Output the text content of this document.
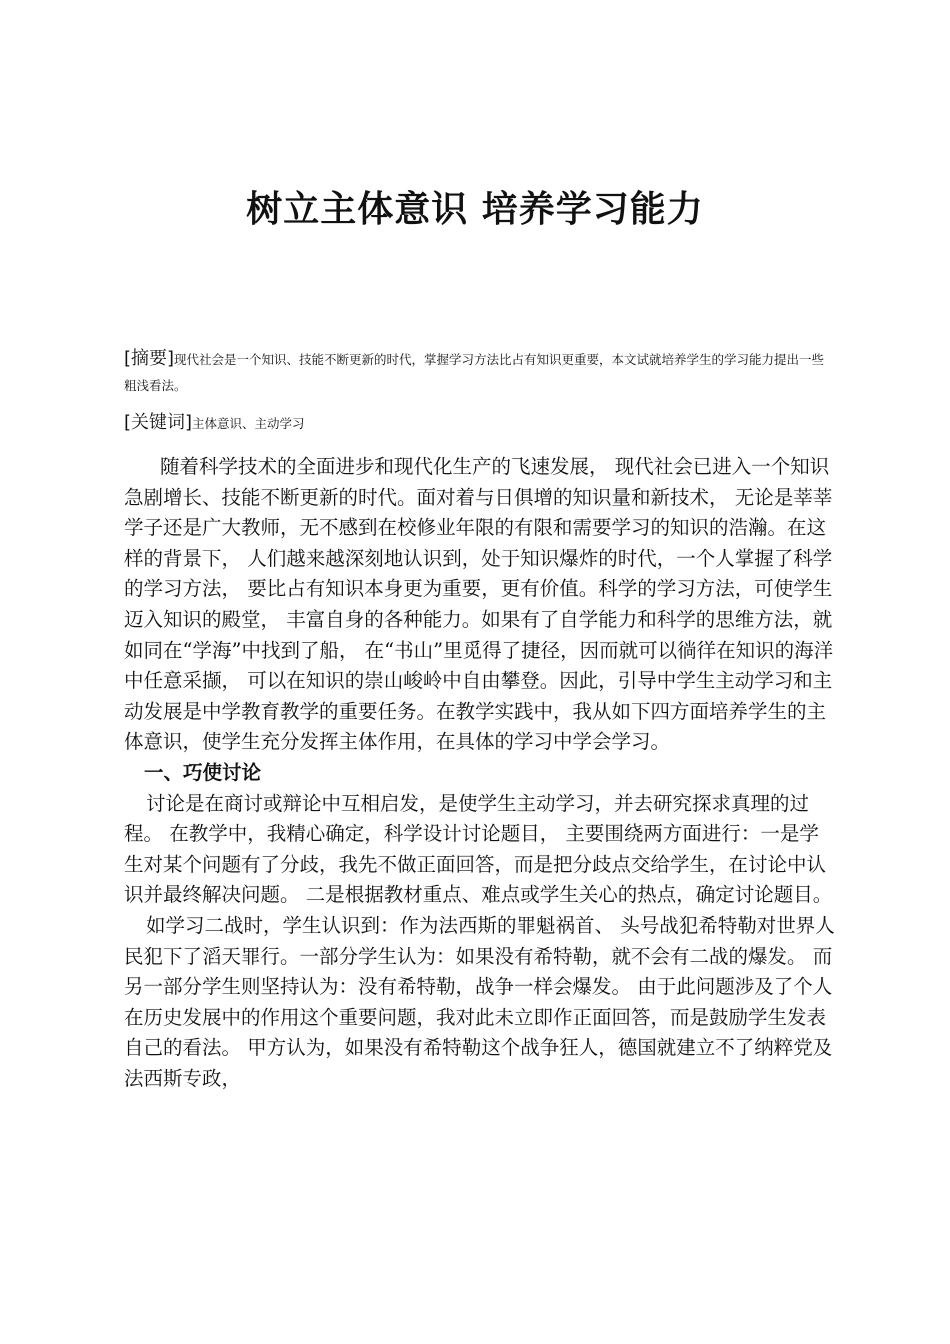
树立主体意识 培养学习能力
[摘要]现代社会是一个知识、技能不断更新的时代，掌握学习方法比占有知识更重要，本文试就培养学生的学习能力提出一些粗浅看法。
[关键词]主体意识、主动学习

随着科学技术的全面进步和现代化生产的飞速发展， 现代社会已进入一个知识急剧增长、技能不断更新的时代。面对着与日俱增的知识量和新技术， 无论是莘莘学子还是广大教师，无不感到在校修业年限的有限和需要学习的知识的浩瀚。在这样的背景下， 人们越来越深刻地认识到，处于知识爆炸的时代，一个人掌握了科学的学习方法， 要比占有知识本身更为重要，更有价值。科学的学习方法，可使学生迈入知识的殿堂， 丰富自身的各种能力。如果有了自学能力和科学的思维方法，就如同在“学海”中找到了船， 在“书山”里觅得了捷径，因而就可以徜徉在知识的海洋中任意采撷， 可以在知识的崇山峻岭中自由攀登。因此，引导中学生主动学习和主动发展是中学教育教学的重要任务。在教学实践中，我从如下四方面培养学生的主体意识，使学生充分发挥主体作用，在具体的学习中学会学习。

一、巧使讨论

讨论是在商讨或辩论中互相启发，是使学生主动学习，并去研究探求真理的过程。 在教学中，我精心确定，科学设计讨论题目， 主要围绕两方面进行：一是学生对某个问题有了分歧，我先不做正面回答，而是把分歧点交给学生，在讨论中认识并最终解决问题。 二是根据教材重点、难点或学生关心的热点，确定讨论题目。

如学习二战时，学生认识到：作为法西斯的罪魁祸首、 头号战犯希特勒对世界人民犯下了滔天罪行。一部分学生认为：如果没有希特勒，就不会有二战的爆发。 而另一部分学生则坚持认为：没有希特勒，战争一样会爆发。 由于此问题涉及了个人在历史发展中的作用这个重要问题，我对此未立即作正面回答，而是鼓励学生发表自己的看法。 甲方认为，如果没有希特勒这个战争狂人，德国就建立不了纳粹党及法西斯专政，
